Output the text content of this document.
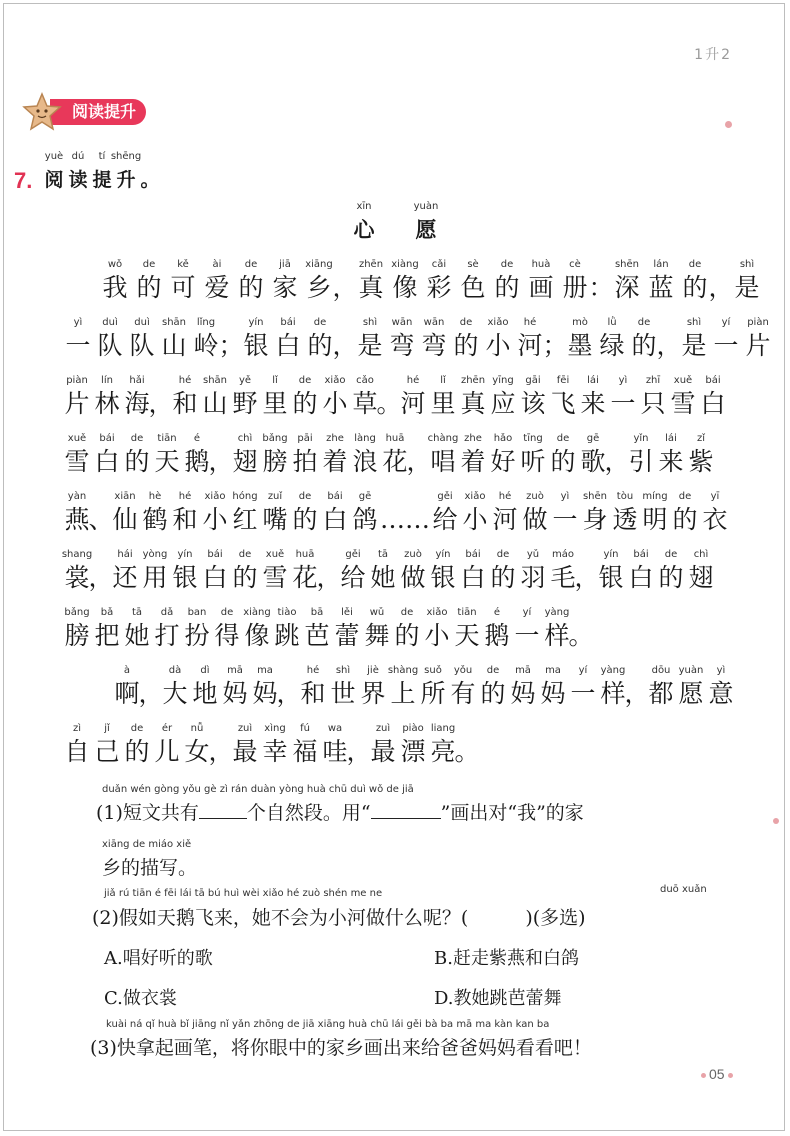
1升2
阅读提升
7.
yuè
阅
dú
读
tí
提
shēng
升 。
xīn
心
yuàn
愿
wǒ
我
de
的
kě
可
ài
爱
de
的
jiā
家
xiāng
乡 ，
zhēn
真
xiàng
像
cǎi
彩
sè
色
de
的
huà
画
cè
册 ：
shēn
深
lán
蓝
de
的 ，
shì
是
yì
一
duì
队
duì
队
shān
山
lǐng
岭 ；
yín
银
bái
白
de
的 ，
shì
是
wān
弯
wān
弯
de
的
xiǎo
小
hé
河 ；
mò
墨
lǜ
绿
de
的 ，
shì
是
yí
一
piàn
片
piàn
片
lín
林
hǎi
海 ，
hé
和
shān
山
yě
野
lǐ
里
de
的
xiǎo
小
cǎo
草 。
hé
河
lǐ
里
zhēn
真
yīng
应
gāi
该
fēi
飞
lái
来
yì
一
zhī
只
xuě
雪
bái
白
xuě
雪
bái
白
de
的
tiān
天
é
鹅 ，
chì
翅
bǎng
膀
pāi
拍
zhe
着
làng
浪
huā
花 ，
chàng
唱
zhe
着
hǎo
好
tīng
听
de
的
gē
歌 ，
yǐn
引
lái
来
zǐ
紫
yàn
燕 、
xiān
仙
hè
鹤
hé
和
xiǎo
小
hóng
红
zuǐ
嘴
de
的
bái
白
gē
鸽 ……
gěi
给
xiǎo
小
hé
河
zuò
做
yì
一
shēn
身
tòu
透
míng
明
de
的
yī
衣
shang
裳 ，
hái
还
yòng
用
yín
银
bái
白
de
的
xuě
雪
huā
花 ，
gěi
给
tā
她
zuò
做
yín
银
bái
白
de
的
yǔ
羽
máo
毛 ，
yín
银
bái
白
de
的
chì
翅
bǎng
膀
bǎ
把
tā
她
dǎ
打
ban
扮
de
得
xiàng
像
tiào
跳
bā
芭
lěi
蕾
wǔ
舞
de
的
xiǎo
小
tiān
天
é
鹅
yí
一
yàng
样 。
à
啊 ，
dà
大
dì
地
mā
妈
ma
妈 ，
hé
和
shì
世
jiè
界
shàng
上
suǒ
所
yǒu
有
de
的
mā
妈
ma
妈
yí
一
yàng
样 ，
dōu
都
yuàn
愿
yì
意
zì
自
jǐ
己
de
的
ér
儿
nǚ
女 ，
zuì
最
xìng
幸
fú
福
wa
哇 ，
zuì
最
piào
漂
liang
亮 。
duǎn wén gòng yǒu gè zì rán duàn yòng huà chū duì wǒ de jiā
(1)短文共有	个自然段。用“	”画出对“我”的家
xiāng de miáo xiě
乡的描写。
jiǎ rú tiān é fēi lái tā bú huì wèi xiǎo hé zuò shén me ne	duō xuǎn
(2)假如天鹅飞来，她不会为小河做什么呢？(　　　)(多选)
A.唱好听的歌	B.赶走紫燕和白鸽
C.做衣裳	D.教她跳芭蕾舞
kuài ná qǐ huà bǐ jiāng nǐ yǎn zhōng de jiā xiāng huà chū lái gěi bà ba mā ma kàn kan ba
(3)快拿起画笔，将你眼中的家乡画出来给爸爸妈妈看看吧！
05
